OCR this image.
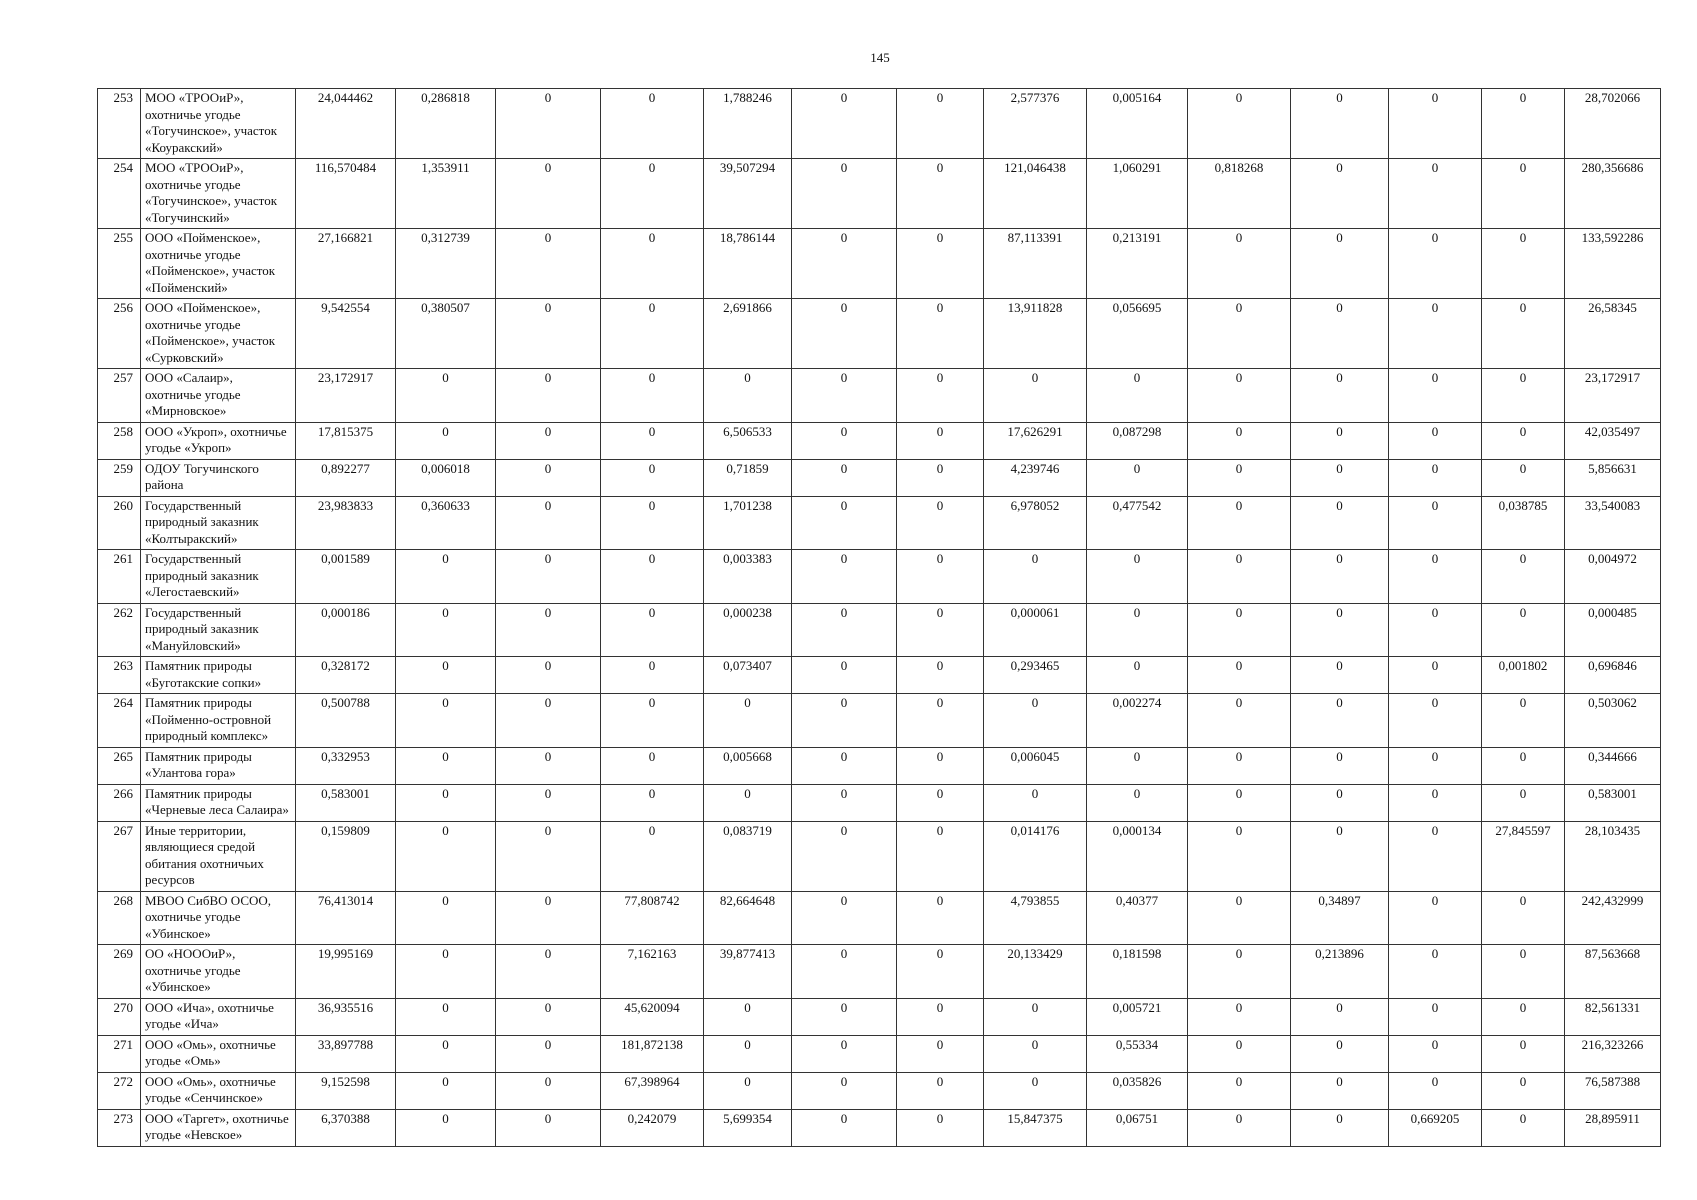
145
253	МОО «ТРООиР», охотничье угодье «Тогучинское», участок «Коуракский»	24,044462	0,286818	0	0	1,788246	0	0	2,577376	0,005164	0	0	0	0	28,702066
254	МОО «ТРООиР», охотничье угодье «Тогучинское», участок «Тогучинский»	116,570484	1,353911	0	0	39,507294	0	0	121,046438	1,060291	0,818268	0	0	0	280,356686
255	ООО «Пойменское», охотничье угодье «Пойменское», участок «Пойменский»	27,166821	0,312739	0	0	18,786144	0	0	87,113391	0,213191	0	0	0	0	133,592286
256	ООО «Пойменское», охотничье угодье «Пойменское», участок «Сурковский»	9,542554	0,380507	0	0	2,691866	0	0	13,911828	0,056695	0	0	0	0	26,58345
257	ООО «Салаир», охотничье угодье «Мирновское»	23,172917	0	0	0	0	0	0	0	0	0	0	0	0	23,172917
258	ООО «Укроп», охотничье угодье «Укроп»	17,815375	0	0	0	6,506533	0	0	17,626291	0,087298	0	0	0	0	42,035497
259	ОДОУ Тогучинского района	0,892277	0,006018	0	0	0,71859	0	0	4,239746	0	0	0	0	0	5,856631
260	Государственный природный заказник «Колтыракский»	23,983833	0,360633	0	0	1,701238	0	0	6,978052	0,477542	0	0	0	0,038785	33,540083
261	Государственный природный заказник «Легостаевский»	0,001589	0	0	0	0,003383	0	0	0	0	0	0	0	0	0,004972
262	Государственный природный заказник «Мануйловский»	0,000186	0	0	0	0,000238	0	0	0,000061	0	0	0	0	0	0,000485
263	Памятник природы «Буготакские сопки»	0,328172	0	0	0	0,073407	0	0	0,293465	0	0	0	0	0,001802	0,696846
264	Памятник природы «Пойменно-островной природный комплекс»	0,500788	0	0	0	0	0	0	0	0,002274	0	0	0	0	0,503062
265	Памятник природы «Улантова гора»	0,332953	0	0	0	0,005668	0	0	0,006045	0	0	0	0	0	0,344666
266	Памятник природы «Черневые леса Салаира»	0,583001	0	0	0	0	0	0	0	0	0	0	0	0	0,583001
267	Иные территории, являющиеся средой обитания охотничьих ресурсов	0,159809	0	0	0	0,083719	0	0	0,014176	0,000134	0	0	0	27,845597	28,103435
268	МВОО СибВО ОСОО, охотничье угодье «Убинское»	76,413014	0	0	77,808742	82,664648	0	0	4,793855	0,40377	0	0,34897	0	0	242,432999
269	ОО «НОООиР», охотничье угодье «Убинское»	19,995169	0	0	7,162163	39,877413	0	0	20,133429	0,181598	0	0,213896	0	0	87,563668
270	ООО «Ича», охотничье угодье «Ича»	36,935516	0	0	45,620094	0	0	0	0	0,005721	0	0	0	0	82,561331
271	ООО «Омь», охотничье угодье «Омь»	33,897788	0	0	181,872138	0	0	0	0	0,55334	0	0	0	0	216,323266
272	ООО «Омь», охотничье угодье «Сенчинское»	9,152598	0	0	67,398964	0	0	0	0	0,035826	0	0	0	0	76,587388
273	ООО «Таргет», охотничье угодье «Невское»	6,370388	0	0	0,242079	5,699354	0	0	15,847375	0,06751	0	0	0,669205	0	28,895911
